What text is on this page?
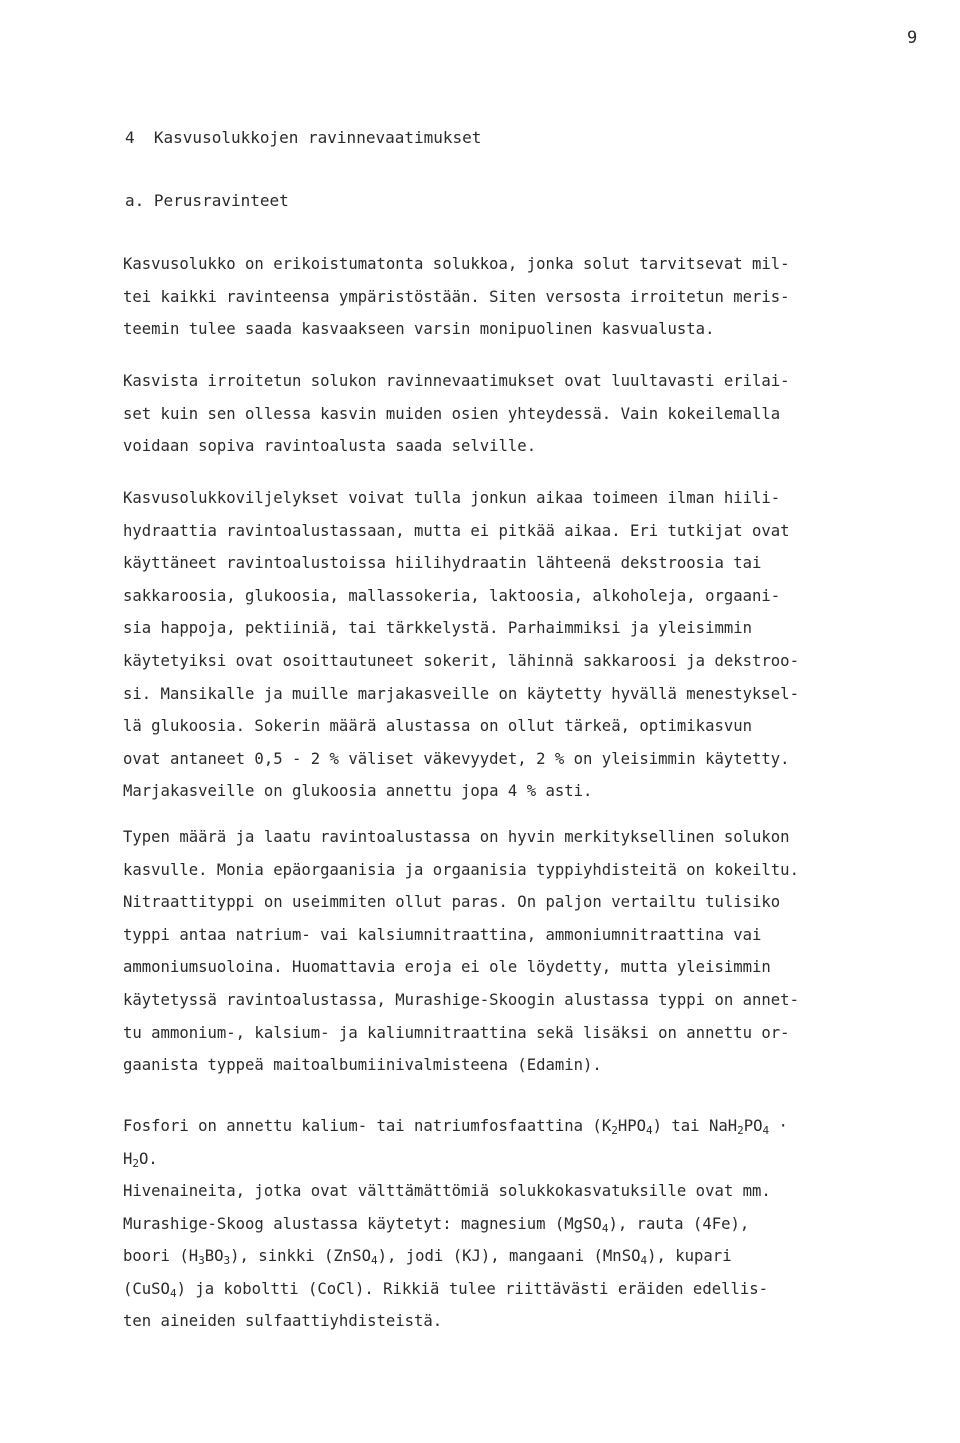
9
4  Kasvusolukkojen ravinnevaatimukset
a. Perusravinteet
Kasvusolukko on erikoistumatonta solukkoa, jonka solut tarvitsevat mil-
tei kaikki ravinteensa ympäristöstään. Siten versosta irroitetun meris-
teemin tulee saada kasvaakseen varsin monipuolinen kasvualusta.
Kasvista irroitetun solukon ravinnevaatimukset ovat luultavasti erilai-
set kuin sen ollessa kasvin muiden osien yhteydessä. Vain kokeilemalla
voidaan sopiva ravintoalusta saada selville.
Kasvusolukkoviljelykset voivat tulla jonkun aikaa toimeen ilman hiili-
hydraattia ravintoalustassaan, mutta ei pitkää aikaa. Eri tutkijat ovat
käyttäneet ravintoalustoissa hiilihydraatin lähteenä dekstroosia tai
sakkaroosia, glukoosia, mallassokeria, laktoosia, alkoholeja, orgaani-
sia happoja, pektiiniä, tai tärkkelystä. Parhaimmiksi ja yleisimmin
käytetyiksi ovat osoittautuneet sokerit, lähinnä sakkaroosi ja dekstroo-
si. Mansikalle ja muille marjakasveille on käytetty hyvällä menestyksel-
lä glukoosia. Sokerin määrä alustassa on ollut tärkeä, optimikasvun
ovat antaneet 0,5 - 2 % väliset väkevyydet, 2 % on yleisimmin käytetty.
Marjakasveille on glukoosia annettu jopa 4 % asti.
Typen määrä ja laatu ravintoalustassa on hyvin merkityksellinen solukon
kasvulle. Monia epäorgaanisia ja orgaanisia typpiyhdisteitä on kokeiltu.
Nitraattityppi on useimmiten ollut paras. On paljon vertailtu tulisiko
typpi antaa natrium- vai kalsiumnitraattina, ammoniumnitraattina vai
ammoniumsuoloina. Huomattavia eroja ei ole löydetty, mutta yleisimmin
käytetyssä ravintoalustassa, Murashige-Skoogin alustassa typpi on annet-
tu ammonium-, kalsium- ja kaliumnitraattina sekä lisäksi on annettu or-
gaanista typpeä maitoalbumiinivalmisteena (Edamin).
Fosfori on annettu kalium- tai natriumfosfaattina $(K_2HPO_4)$ tai $NaH_2PO_4$ ·
$H_2O$.
Hivenaineita, jotka ovat välttämättömiä solukkokasvatuksille ovat mm.
Murashige-Skoog alustassa käytetyt: magnesium (MgSO$_4$), rauta (4Fe),
boori $(H_3BO_3)$, sinkki (ZnSO$_4$), jodi (KJ), mangaani (MnSO$_4$), kupari
(CuSO$_4$) ja koboltti (CoCl). Rikkiä tulee riittävästi eräiden edellis-
ten aineiden sulfaattiyhdisteistä.
